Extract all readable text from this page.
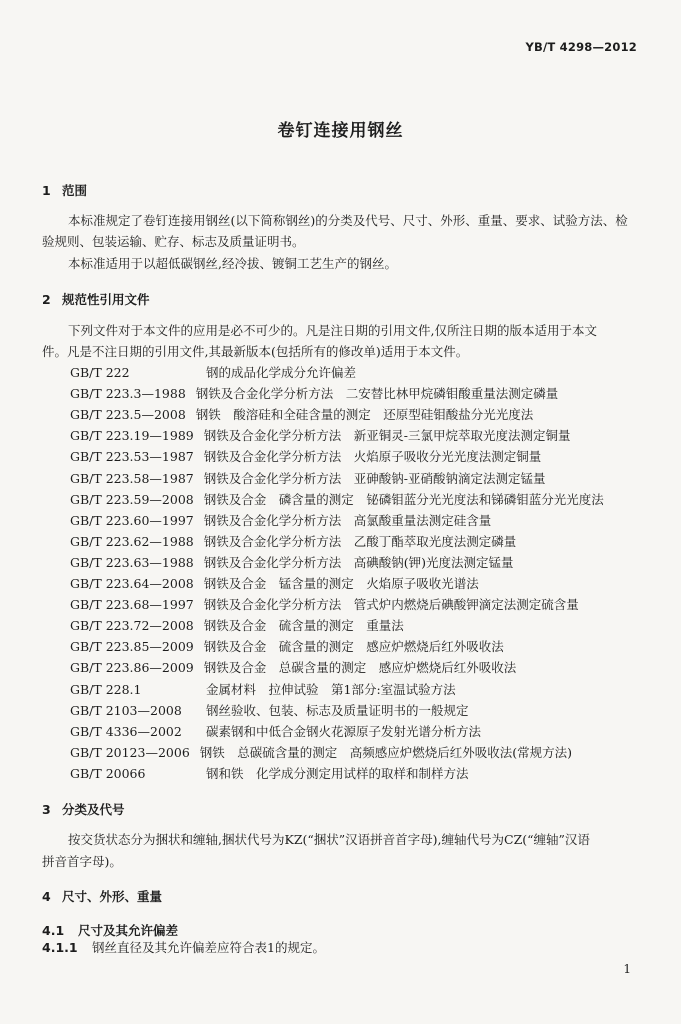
YB/T 4298—2012
卷钉连接用钢丝
1 范围
本标准规定了卷钉连接用钢丝(以下简称钢丝)的分类及代号、尺寸、外形、重量、要求、试验方法、检
验规则、包装运输、贮存、标志及质量证明书。
本标准适用于以超低碳钢丝,经冷拔、镀铜工艺生产的钢丝。
2 规范性引用文件
下列文件对于本文件的应用是必不可少的。凡是注日期的引用文件,仅所注日期的版本适用于本文
件。凡是不注日期的引用文件,其最新版本(包括所有的修改单)适用于本文件。
GB/T 222	钢的成品化学成分允许偏差
GB/T 223.3—1988 钢铁及合金化学分析方法　二安替比林甲烷磷钼酸重量法测定磷量
GB/T 223.5—2008 钢铁　酸溶硅和全硅含量的测定　还原型硅钼酸盐分光光度法
GB/T 223.19—1989 钢铁及合金化学分析方法　新亚铜灵-三氯甲烷萃取光度法测定铜量
GB/T 223.53—1987 钢铁及合金化学分析方法　火焰原子吸收分光光度法测定铜量
GB/T 223.58—1987 钢铁及合金化学分析方法　亚砷酸钠-亚硝酸钠滴定法测定锰量
GB/T 223.59—2008 钢铁及合金　磷含量的测定　铋磷钼蓝分光光度法和锑磷钼蓝分光光度法
GB/T 223.60—1997 钢铁及合金化学分析方法　高氯酸重量法测定硅含量
GB/T 223.62—1988 钢铁及合金化学分析方法　乙酸丁酯萃取光度法测定磷量
GB/T 223.63—1988 钢铁及合金化学分析方法　高碘酸钠(钾)光度法测定锰量
GB/T 223.64—2008 钢铁及合金　锰含量的测定　火焰原子吸收光谱法
GB/T 223.68—1997 钢铁及合金化学分析方法　管式炉内燃烧后碘酸钾滴定法测定硫含量
GB/T 223.72—2008 钢铁及合金　硫含量的测定　重量法
GB/T 223.85—2009 钢铁及合金　硫含量的测定　感应炉燃烧后红外吸收法
GB/T 223.86—2009 钢铁及合金　总碳含量的测定　感应炉燃烧后红外吸收法
GB/T 228.1	金属材料　拉伸试验　第1部分:室温试验方法
GB/T 2103—2008 钢丝验收、包装、标志及质量证明书的一般规定
GB/T 4336—2002 碳素钢和中低合金钢火花源原子发射光谱分析方法
GB/T 20123—2006 钢铁　总碳硫含量的测定　高频感应炉燃烧后红外吸收法(常规方法)
GB/T 20066	钢和铁　化学成分测定用试样的取样和制样方法
3 分类及代号
按交货状态分为捆状和缠轴,捆状代号为KZ(“捆状”汉语拼音首字母),缠轴代号为CZ(“缠轴”汉语
拼音首字母)。
4 尺寸、外形、重量
4.1 尺寸及其允许偏差
4.1.1 钢丝直径及其允许偏差应符合表1的规定。
1
